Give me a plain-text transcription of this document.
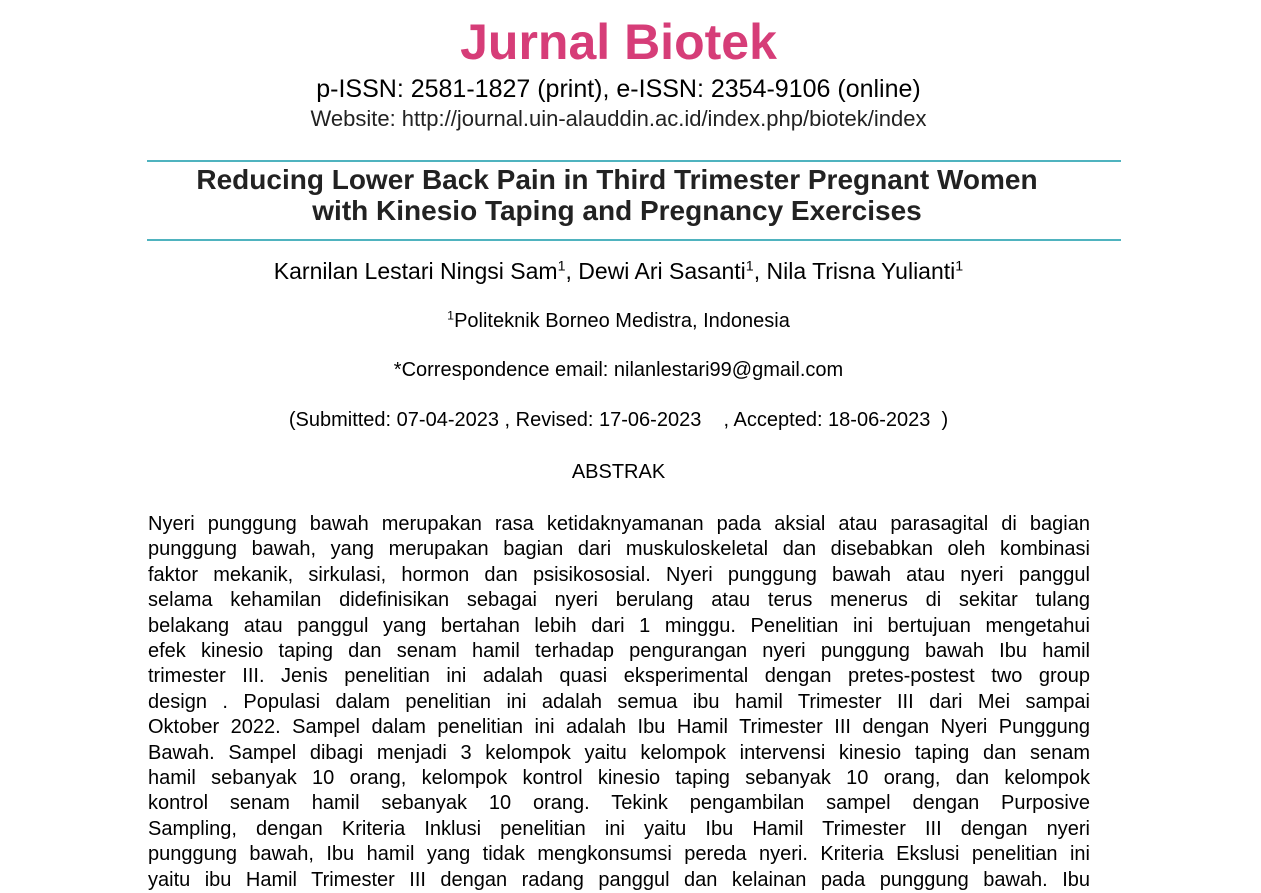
Jurnal Biotek
p-ISSN: 2581-1827 (print), e-ISSN: 2354-9106 (online)
Website: http://journal.uin-alauddin.ac.id/index.php/biotek/index
Reducing Lower Back Pain in Third Trimester Pregnant Women
with Kinesio Taping and Pregnancy Exercises
Karnilan Lestari Ningsi Sam$^1$, Dewi Ari Sasanti$^1$, Nila Trisna Yulianti$^1$
$^1$Politeknik Borneo Medistra, Indonesia
*Correspondence email: nilanlestari99@gmail.com
(Submitted: 07-04-2023 , Revised: 17-06-2023    , Accepted: 18-06-2023  )
ABSTRAK
Nyeri punggung bawah merupakan rasa ketidaknyamanan pada aksial atau parasagital di bagian
punggung bawah, yang merupakan bagian dari muskuloskeletal dan disebabkan oleh kombinasi
faktor mekanik, sirkulasi, hormon dan psisikososial. Nyeri punggung bawah atau nyeri panggul
selama kehamilan didefinisikan sebagai nyeri berulang atau terus menerus di sekitar tulang
belakang atau panggul yang bertahan lebih dari 1 minggu. Penelitian ini bertujuan mengetahui
efek kinesio taping dan senam hamil terhadap pengurangan nyeri punggung bawah Ibu hamil
trimester III. Jenis penelitian ini adalah quasi eksperimental dengan pretes-postest two group
design . Populasi dalam penelitian ini adalah semua ibu hamil Trimester III dari Mei sampai
Oktober 2022. Sampel dalam penelitian ini adalah Ibu Hamil Trimester III dengan Nyeri Punggung
Bawah. Sampel dibagi menjadi 3 kelompok yaitu kelompok intervensi kinesio taping dan senam
hamil sebanyak 10 orang, kelompok kontrol kinesio taping sebanyak 10 orang, dan kelompok
kontrol senam hamil sebanyak 10 orang. Tekink pengambilan sampel dengan Purposive
Sampling, dengan Kriteria Inklusi penelitian ini yaitu Ibu Hamil Trimester III dengan nyeri
punggung bawah, Ibu hamil yang tidak mengkonsumsi pereda nyeri. Kriteria Ekslusi penelitian ini
yaitu ibu Hamil Trimester III dengan radang panggul dan kelainan pada punggung bawah. Ibu
